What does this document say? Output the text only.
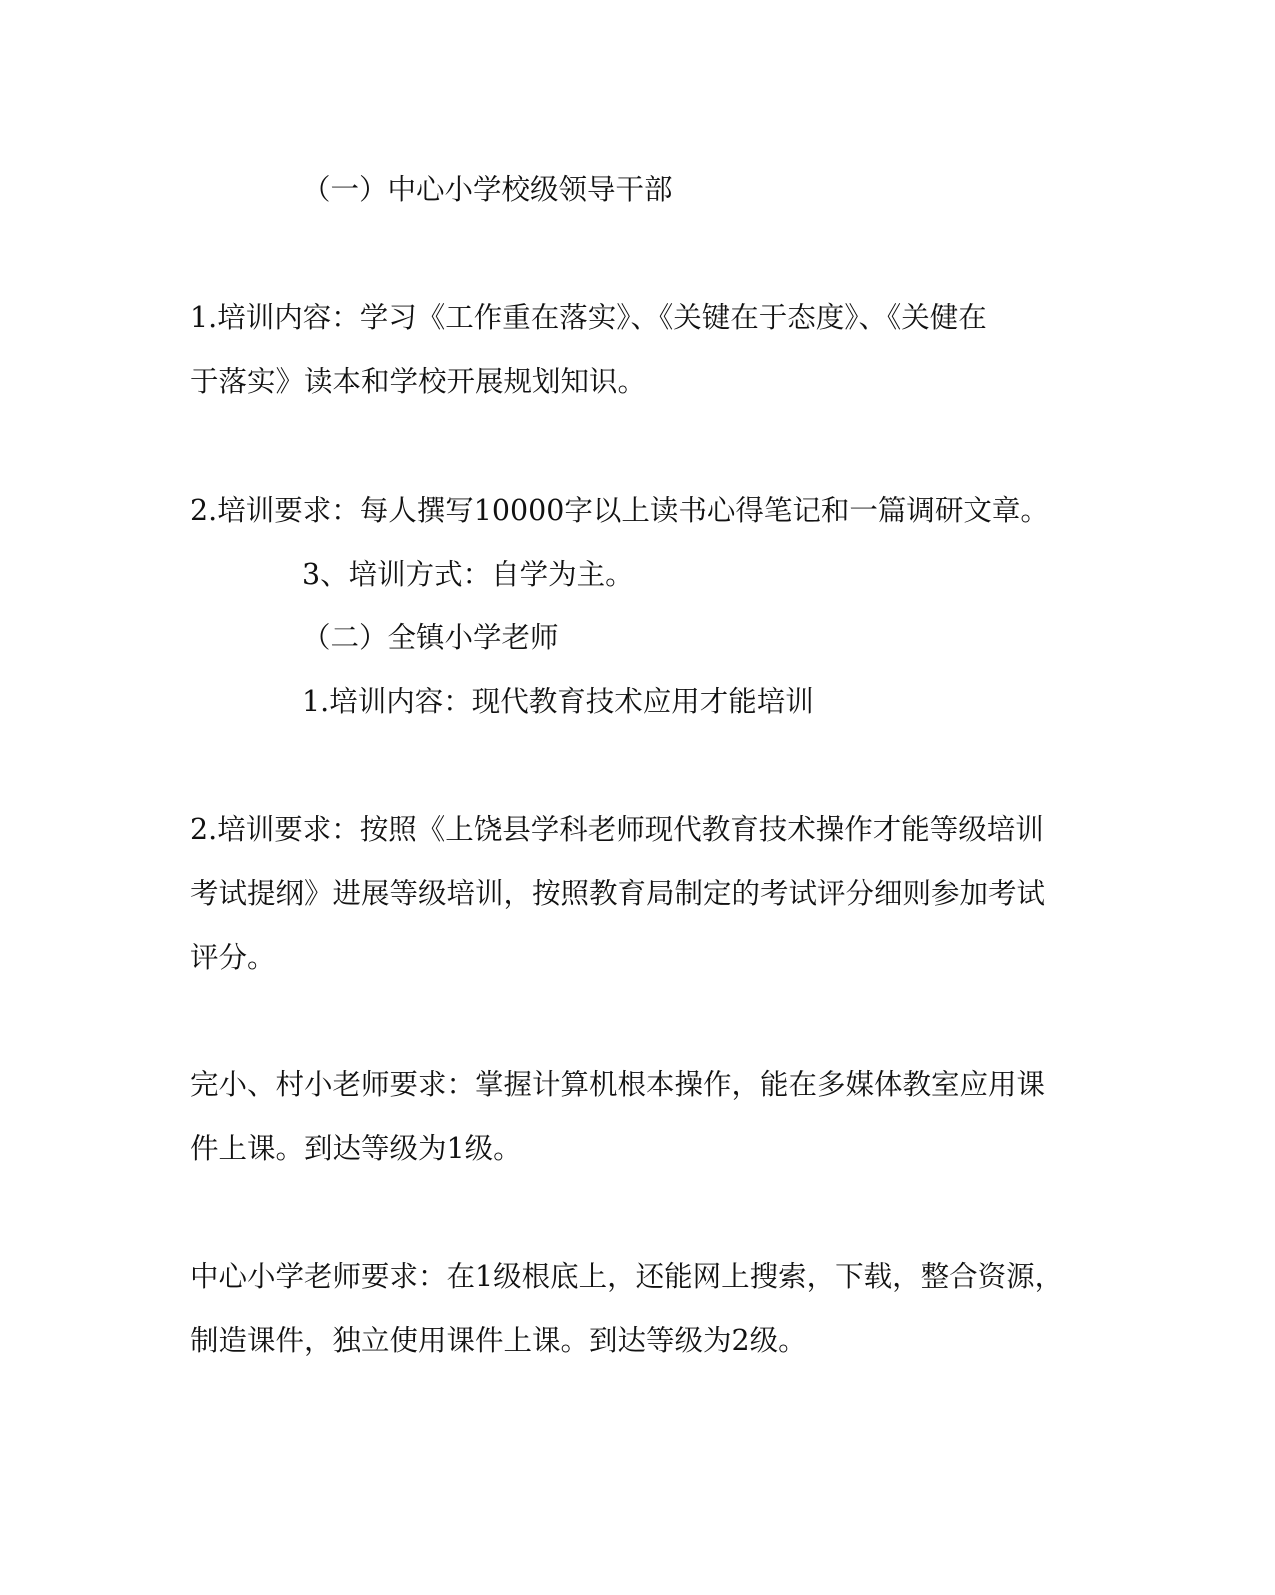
（一）中心小学校级领导干部
1.培训内容：学习《工作重在落实》、《关键在于态度》、《关健在
于落实》读本和学校开展规划知识。
2.培训要求：每人撰写10000字以上读书心得笔记和一篇调研文章。
3、培训方式：自学为主。
（二）全镇小学老师
1.培训内容：现代教育技术应用才能培训
2.培训要求：按照《上饶县学科老师现代教育技术操作才能等级培训
考试提纲》进展等级培训，按照教育局制定的考试评分细则参加考试
评分。
完小、村小老师要求：掌握计算机根本操作，能在多媒体教室应用课
件上课。到达等级为1级。
中心小学老师要求：在1级根底上，还能网上搜索，下载，整合资源，
制造课件，独立使用课件上课。到达等级为2级。
